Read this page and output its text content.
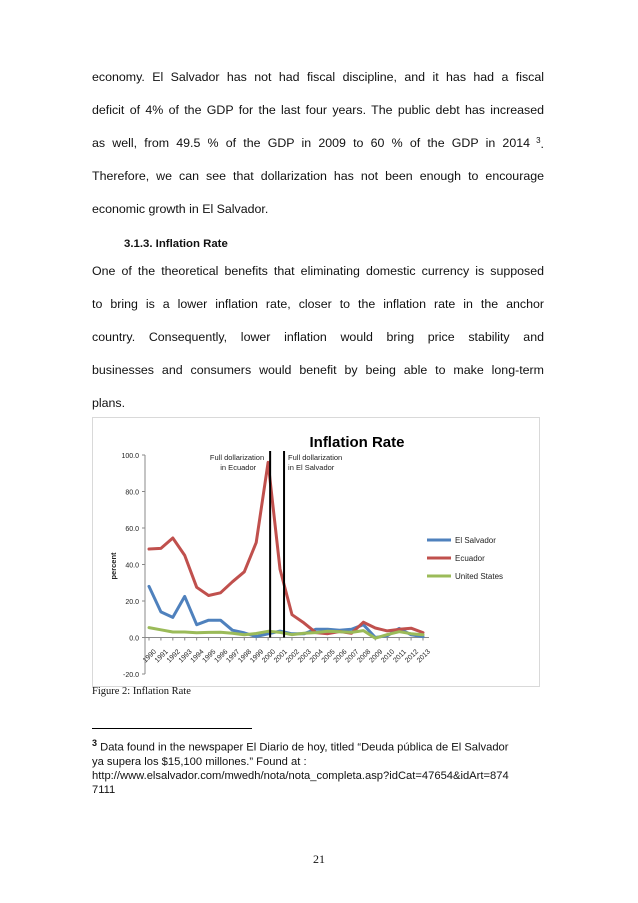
economy. El Salvador has not had fiscal discipline, and it has had a fiscal
deficit of 4% of the GDP for the last four years. The public debt has increased
as well, from 49.5 % of the GDP in 2009 to 60 % of the GDP in 2014 $^3$.
Therefore, we can see that dollarization has not been enough to encourage
economic growth in El Salvador.
3.1.3. Inflation Rate
One of the theoretical benefits that eliminating domestic currency is supposed
to bring is a lower inflation rate, closer to the inflation rate in the anchor
country. Consequently, lower inflation would bring price stability and
businesses and consumers would benefit by being able to make long-term
plans.
Inflation Rate
100.0
80.0
60.0
40.0
20.0
0.0
-20.0
percent
1990
1991
1992
1993
1994
1995
1996
1997
1998
1999
2000
2001
2002
2003
2004
2005
2006
2007
2008
2009
2010
2011
2012
2013
Full dollarization
in Ecuador
Full dollarization
in El Salvador
El Salvador
Ecuador
United States
Figure 2: Inflation Rate
$^3$ Data found in the newspaper El Diario de hoy, titled “Deuda pública de El Salvador
ya supera los $15,100 millones.” Found at :
http://www.elsalvador.com/mwedh/nota/nota_completa.asp?idCat=47654&idArt=874
7111
21
